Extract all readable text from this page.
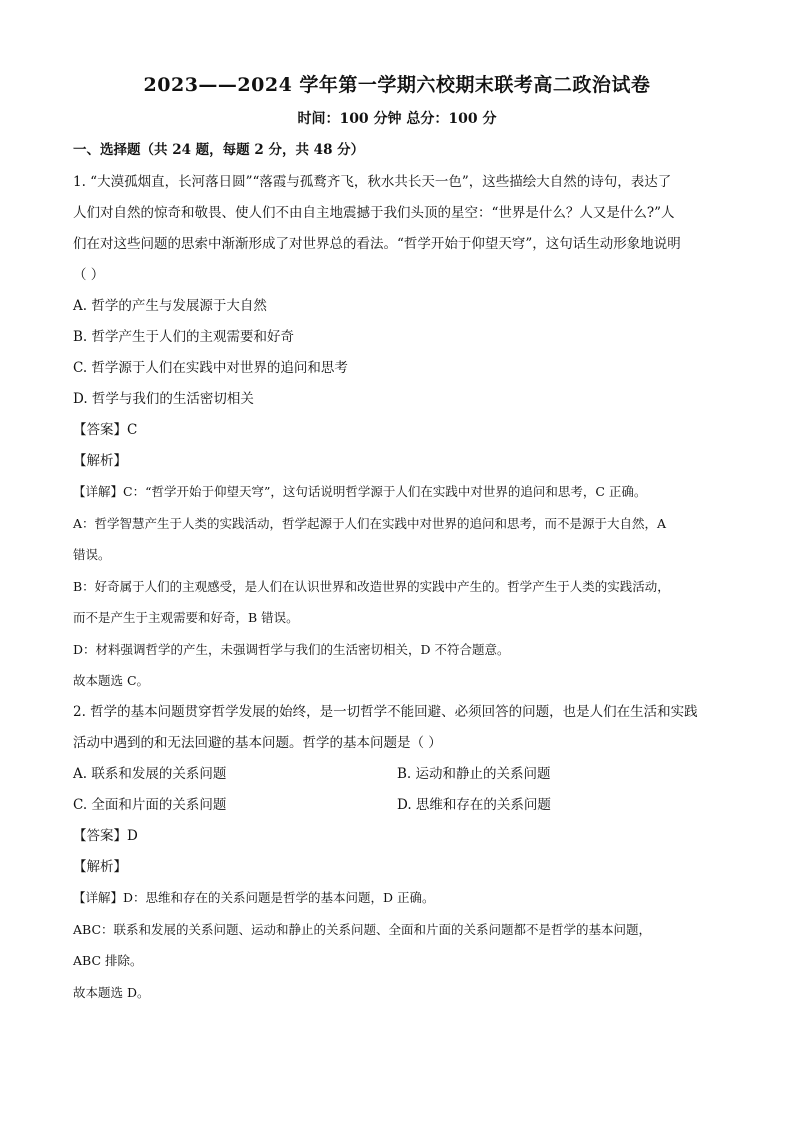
2023——2024 学年第一学期六校期末联考高二政治试卷
时间：100 分钟 总分：100 分
一、选择题（共 24 题，每题 2 分，共 48 分）
1. “大漠孤烟直，长河落日圆”“落霞与孤鹜齐飞，秋水共长天一色”，这些描绘大自然的诗句，表达了
人们对自然的惊奇和敬畏、使人们不由自主地震撼于我们头顶的星空：“世界是什么？人又是什么?”人
们在对这些问题的思索中渐渐形成了对世界总的看法。“哲学开始于仰望天穹”，这句话生动形象地说明
（ ）
A. 哲学的产生与发展源于大自然
B. 哲学产生于人们的主观需要和好奇
C. 哲学源于人们在实践中对世界的追问和思考
D. 哲学与我们的生活密切相关
【答案】C
【解析】
【详解】C：“哲学开始于仰望天穹”，这句话说明哲学源于人们在实践中对世界的追问和思考，C 正确。
A：哲学智慧产生于人类的实践活动，哲学起源于人们在实践中对世界的追问和思考，而不是源于大自然，A
错误。
B：好奇属于人们的主观感受，是人们在认识世界和改造世界的实践中产生的。哲学产生于人类的实践活动，
而不是产生于主观需要和好奇，B 错误。
D：材料强调哲学的产生，未强调哲学与我们的生活密切相关，D 不符合题意。
故本题选 C。
2. 哲学的基本问题贯穿哲学发展的始终，是一切哲学不能回避、必须回答的问题，也是人们在生活和实践
活动中遇到的和无法回避的基本问题。哲学的基本问题是（ ）
A. 联系和发展的关系问题	B. 运动和静止的关系问题
C. 全面和片面的关系问题	D. 思维和存在的关系问题
【答案】D
【解析】
【详解】D：思维和存在的关系问题是哲学的基本问题，D 正确。
ABC：联系和发展的关系问题、运动和静止的关系问题、全面和片面的关系问题都不是哲学的基本问题，
ABC 排除。
故本题选 D。
